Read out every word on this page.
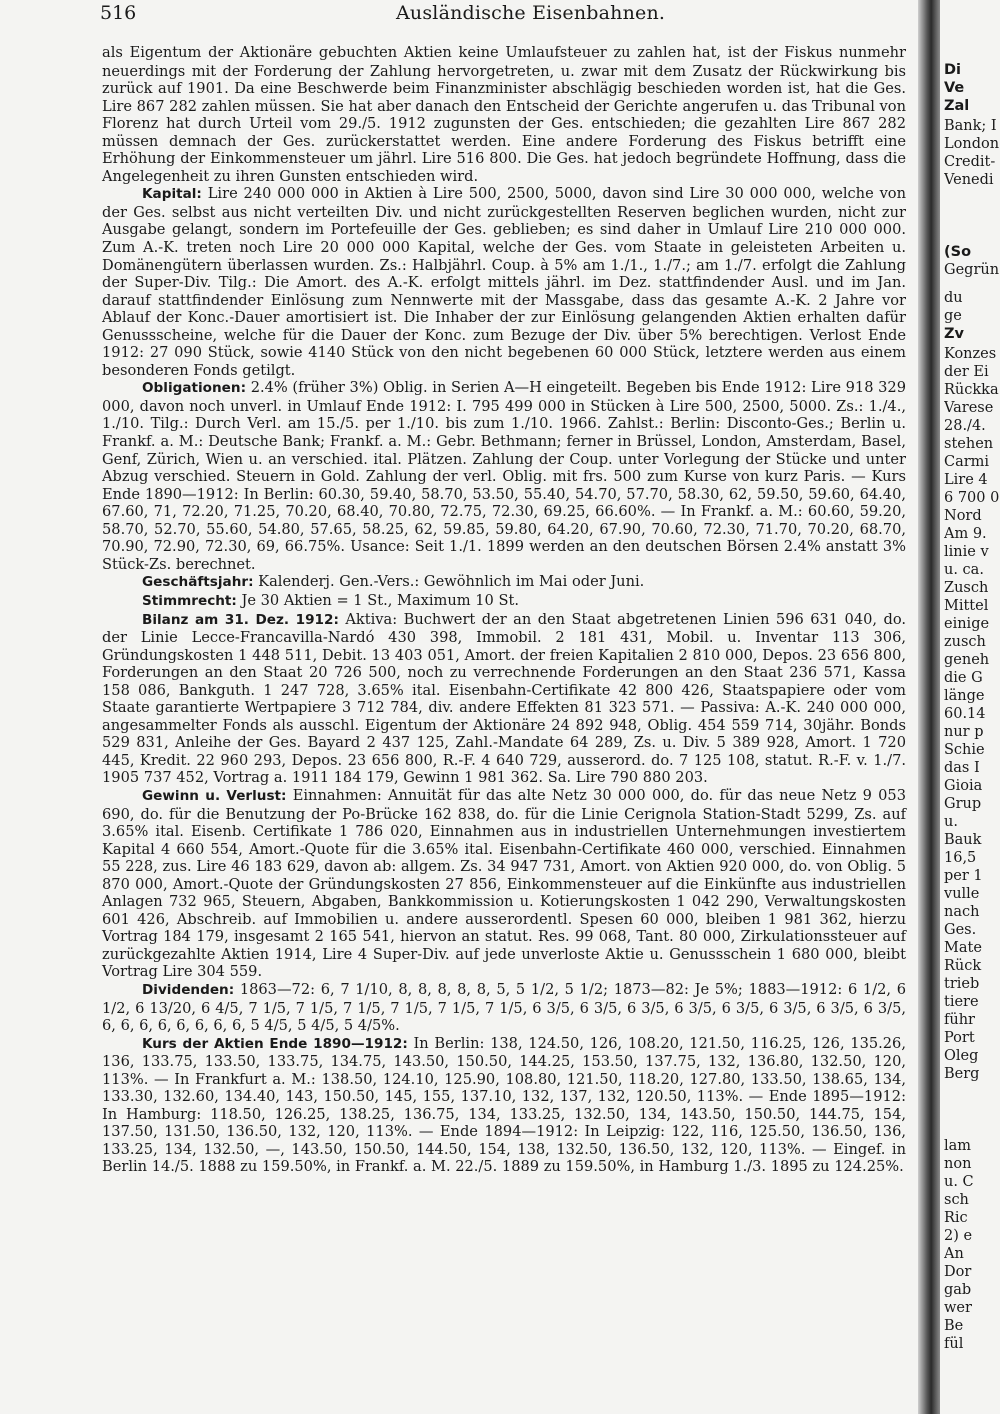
516	Ausländische Eisenbahnen.

als Eigentum der Aktionäre gebuchten Aktien keine Umlaufsteuer zu zahlen hat, ist der Fiskus nunmehr neuerdings mit der Forderung der Zahlung hervorgetreten, u. zwar mit dem Zusatz der Rückwirkung bis zurück auf 1901. Da eine Beschwerde beim Finanzminister abschlägig beschieden worden ist, hat die Ges. Lire 867 282 zahlen müssen. Sie hat aber danach den Entscheid der Gerichte angerufen u. das Tribunal von Florenz hat durch Urteil vom 29./5. 1912 zugunsten der Ges. entschieden; die gezahlten Lire 867 282 müssen demnach der Ges. zurückerstattet werden. Eine andere Forderung des Fiskus betrifft eine Erhöhung der Einkommensteuer um jährl. Lire 516 800. Die Ges. hat jedoch begründete Hoffnung, dass die Angelegenheit zu ihren Gunsten entschieden wird.

Kapital: Lire 240 000 000 in Aktien à Lire 500, 2500, 5000, davon sind Lire 30 000 000, welche von der Ges. selbst aus nicht verteilten Div. und nicht zurückgestellten Reserven beglichen wurden, nicht zur Ausgabe gelangt, sondern im Portefeuille der Ges. geblieben; es sind daher in Umlauf Lire 210 000 000. Zum A.-K. treten noch Lire 20 000 000 Kapital, welche der Ges. vom Staate in geleisteten Arbeiten u. Domänengütern überlassen wurden. Zs.: Halbjährl. Coup. à 5% am 1./1., 1./7.; am 1./7. erfolgt die Zahlung der Super-Div. Tilg.: Die Amort. des A.-K. erfolgt mittels jährl. im Dez. stattfindender Ausl. und im Jan. darauf stattfindender Einlösung zum Nennwerte mit der Massgabe, dass das gesamte A.-K. 2 Jahre vor Ablauf der Konc.-Dauer amortisiert ist. Die Inhaber der zur Einlösung gelangenden Aktien erhalten dafür Genussscheine, welche für die Dauer der Konc. zum Bezuge der Div. über 5% berechtigen. Verlost Ende 1912: 27 090 Stück, sowie 4140 Stück von den nicht begebenen 60 000 Stück, letztere werden aus einem besonderen Fonds getilgt.

Obligationen: 2.4% (früher 3%) Oblig. in Serien A—H eingeteilt. Begeben bis Ende 1912: Lire 918 329 000, davon noch unverl. in Umlauf Ende 1912: I. 795 499 000 in Stücken à Lire 500, 2500, 5000. Zs.: 1./4., 1./10. Tilg.: Durch Verl. am 15./5. per 1./10. bis zum 1./10. 1966. Zahlst.: Berlin: Disconto-Ges.; Berlin u. Frankf. a. M.: Deutsche Bank; Frankf. a. M.: Gebr. Bethmann; ferner in Brüssel, London, Amsterdam, Basel, Genf, Zürich, Wien u. an verschied. ital. Plätzen. Zahlung der Coup. unter Vorlegung der Stücke und unter Abzug verschied. Steuern in Gold. Zahlung der verl. Oblig. mit frs. 500 zum Kurse von kurz Paris. — Kurs Ende 1890—1912: In Berlin: 60.30, 59.40, 58.70, 53.50, 55.40, 54.70, 57.70, 58.30, 62, 59.50, 59.60, 64.40, 67.60, 71, 72.20, 71.25, 70.20, 68.40, 70.80, 72.75, 72.30, 69.25, 66.60%. — In Frankf. a. M.: 60.60, 59.20, 58.70, 52.70, 55.60, 54.80, 57.65, 58.25, 62, 59.85, 59.80, 64.20, 67.90, 70.60, 72.30, 71.70, 70.20, 68.70, 70.90, 72.90, 72.30, 69, 66.75%. Usance: Seit 1./1. 1899 werden an den deutschen Börsen 2.4% anstatt 3% Stück-Zs. berechnet.

Geschäftsjahr: Kalenderj. Gen.-Vers.: Gewöhnlich im Mai oder Juni.

Stimmrecht: Je 30 Aktien = 1 St., Maximum 10 St.

Bilanz am 31. Dez. 1912: Aktiva: Buchwert der an den Staat abgetretenen Linien 596 631 040, do. der Linie Lecce-Francavilla-Nardó 430 398, Immobil. 2 181 431, Mobil. u. Inventar 113 306, Gründungskosten 1 448 511, Debit. 13 403 051, Amort. der freien Kapitalien 2 810 000, Depos. 23 656 800, Forderungen an den Staat 20 726 500, noch zu verrechnende Forderungen an den Staat 236 571, Kassa 158 086, Bankguth. 1 247 728, 3.65% ital. Eisenbahn-Certifikate 42 800 426, Staatspapiere oder vom Staate garantierte Wertpapiere 3 712 784, div. andere Effekten 81 323 571. — Passiva: A.-K. 240 000 000, angesammelter Fonds als ausschl. Eigentum der Aktionäre 24 892 948, Oblig. 454 559 714, 30jähr. Bonds 529 831, Anleihe der Ges. Bayard 2 437 125, Zahl.-Mandate 64 289, Zs. u. Div. 5 389 928, Amort. 1 720 445, Kredit. 22 960 293, Depos. 23 656 800, R.-F. 4 640 729, ausserord. do. 7 125 108, statut. R.-F. v. 1./7. 1905 737 452, Vortrag a. 1911 184 179, Gewinn 1 981 362. Sa. Lire 790 880 203.

Gewinn u. Verlust: Einnahmen: Annuität für das alte Netz 30 000 000, do. für das neue Netz 9 053 690, do. für die Benutzung der Po-Brücke 162 838, do. für die Linie Cerignola Station-Stadt 5299, Zs. auf 3.65% ital. Eisenb. Certifikate 1 786 020, Einnahmen aus in industriellen Unternehmungen investiertem Kapital 4 660 554, Amort.-Quote für die 3.65% ital. Eisenbahn-Certifikate 460 000, verschied. Einnahmen 55 228, zus. Lire 46 183 629, davon ab: allgem. Zs. 34 947 731, Amort. von Aktien 920 000, do. von Oblig. 5 870 000, Amort.-Quote der Gründungskosten 27 856, Einkommensteuer auf die Einkünfte aus industriellen Anlagen 732 965, Steuern, Abgaben, Bankkommission u. Kotierungskosten 1 042 290, Verwaltungskosten 601 426, Abschreib. auf Immobilien u. andere ausserordentl. Spesen 60 000, bleiben 1 981 362, hierzu Vortrag 184 179, insgesamt 2 165 541, hiervon an statut. Res. 99 068, Tant. 80 000, Zirkulationssteuer auf zurückgezahlte Aktien 1914, Lire 4 Super-Div. auf jede unverloste Aktie u. Genussschein 1 680 000, bleibt Vortrag Lire 304 559.

Dividenden: 1863—72: 6, 7 1/10, 8, 8, 8, 8, 8, 5, 5 1/2, 5 1/2; 1873—82: Je 5%; 1883—1912: 6 1/2, 6 1/2, 6 13/20, 6 4/5, 7 1/5, 7 1/5, 7 1/5, 7 1/5, 7 1/5, 7 1/5, 6 3/5, 6 3/5, 6 3/5, 6 3/5, 6 3/5, 6 3/5, 6 3/5, 6 3/5, 6, 6, 6, 6, 6, 6, 6, 6, 5 4/5, 5 4/5, 5 4/5%.

Kurs der Aktien Ende 1890—1912: In Berlin: 138, 124.50, 126, 108.20, 121.50, 116.25, 126, 135.26, 136, 133.75, 133.50, 133.75, 134.75, 143.50, 150.50, 144.25, 153.50, 137.75, 132, 136.80, 132.50, 120, 113%. — In Frankfurt a. M.: 138.50, 124.10, 125.90, 108.80, 121.50, 118.20, 127.80, 133.50, 138.65, 134, 133.30, 132.60, 134.40, 143, 150.50, 145, 155, 137.10, 132, 137, 132, 120.50, 113%. — Ende 1895—1912: In Hamburg: 118.50, 126.25, 138.25, 136.75, 134, 133.25, 132.50, 134, 143.50, 150.50, 144.75, 154, 137.50, 131.50, 136.50, 132, 120, 113%. — Ende 1894—1912: In Leipzig: 122, 116, 125.50, 136.50, 136, 133.25, 134, 132.50, —, 143.50, 150.50, 144.50, 154, 138, 132.50, 136.50, 132, 120, 113%. — Eingef. in Berlin 14./5. 1888 zu 159.50%, in Frankf. a. M. 22./5. 1889 zu 159.50%, in Hamburg 1./3. 1895 zu 124.25%.

Di
Ve
Zal
Bank; I
London
Credit-
Venedi
(So
Gegrün
du
ge
Zv
Konzes
der Ei
Rückka
Varese
28./4.
stehen
Carmi
Lire 4
6 700 0
Nord
Am 9.
linie v
u. ca.
Zusch
Mittel
einige
zusch
geneh
die G
länge
60.14
nur p
Schie
das I
Gioia
Grup
u.
Bauk
16,5
per 1
vulle
nach
Ges.
Mate
Rück
trieb
tiere
führ
Port
Oleg
Berg
lam
non
u. C
sch
Ric
2) e
An
Dor
gab
wer
Be
fül
